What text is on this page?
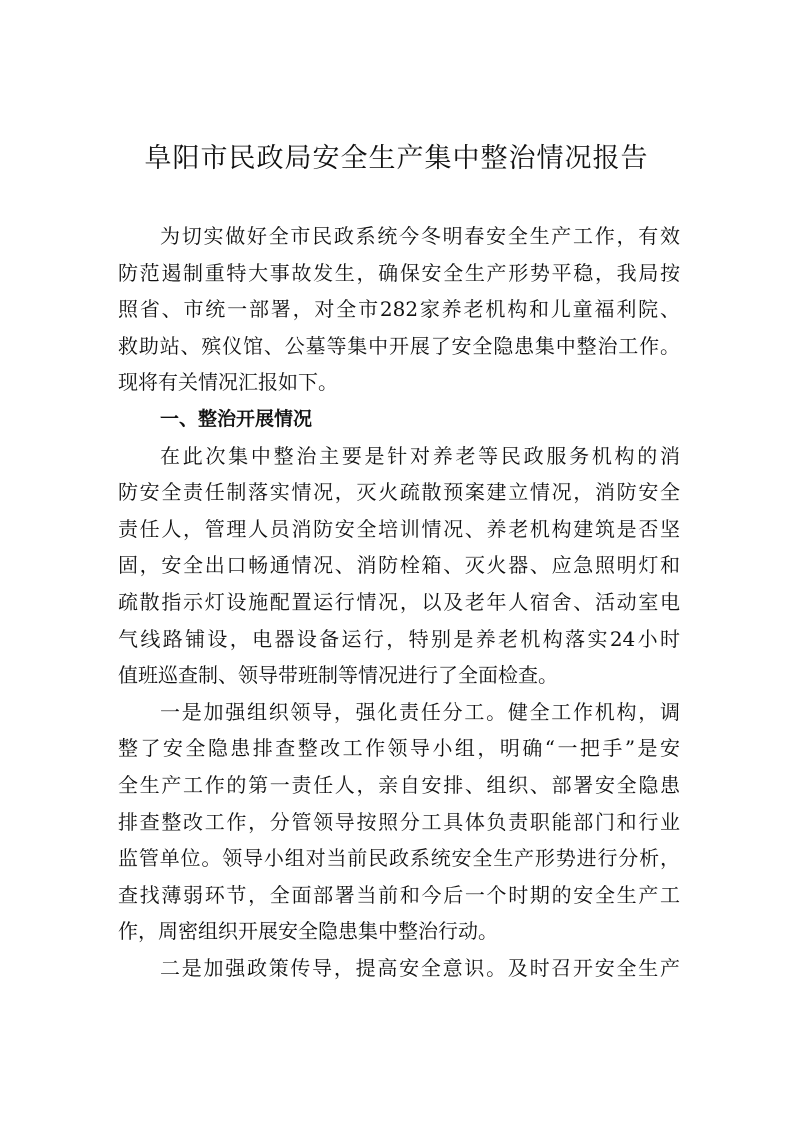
阜阳市民政局安全生产集中整治情况报告
为切实做好全市民政系统今冬明春安全生产工作，有效
防范遏制重特大事故发生，确保安全生产形势平稳，我局按
照省、市统一部署，对全市282家养老机构和儿童福利院、
救助站、殡仪馆、公墓等集中开展了安全隐患集中整治工作。
现将有关情况汇报如下。
一、整治开展情况
在此次集中整治主要是针对养老等民政服务机构的消
防安全责任制落实情况，灭火疏散预案建立情况，消防安全
责任人，管理人员消防安全培训情况、养老机构建筑是否坚
固，安全出口畅通情况、消防栓箱、灭火器、应急照明灯和
疏散指示灯设施配置运行情况，以及老年人宿舍、活动室电
气线路铺设，电器设备运行，特别是养老机构落实24小时
值班巡查制、领导带班制等情况进行了全面检查。
一是加强组织领导，强化责任分工。健全工作机构，调
整了安全隐患排查整改工作领导小组，明确“一把手”是安
全生产工作的第一责任人，亲自安排、组织、部署安全隐患
排查整改工作，分管领导按照分工具体负责职能部门和行业
监管单位。领导小组对当前民政系统安全生产形势进行分析，
查找薄弱环节，全面部署当前和今后一个时期的安全生产工
作，周密组织开展安全隐患集中整治行动。
二是加强政策传导，提高安全意识。及时召开安全生产
